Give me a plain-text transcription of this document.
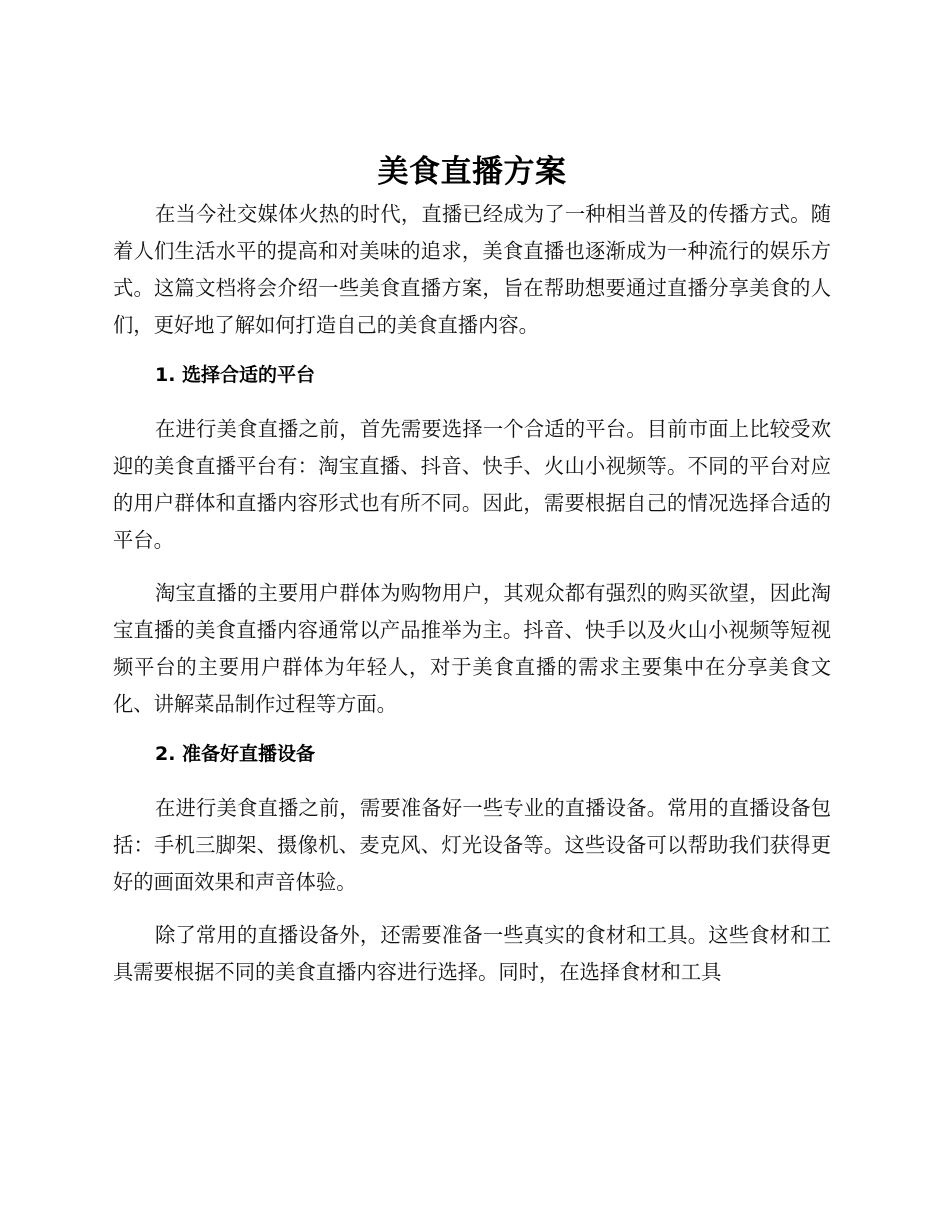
美食直播方案

在当今社交媒体火热的时代，直播已经成为了一种相当普及的传播方式。随着人们生活水平的提高和对美味的追求，美食直播也逐渐成为一种流行的娱乐方式。这篇文档将会介绍一些美食直播方案，旨在帮助想要通过直播分享美食的人们，更好地了解如何打造自己的美食直播内容。

1. 选择合适的平台

在进行美食直播之前，首先需要选择一个合适的平台。目前市面上比较受欢迎的美食直播平台有：淘宝直播、抖音、快手、火山小视频等。不同的平台对应的用户群体和直播内容形式也有所不同。因此，需要根据自己的情况选择合适的平台。

淘宝直播的主要用户群体为购物用户，其观众都有强烈的购买欲望，因此淘宝直播的美食直播内容通常以产品推举为主。抖音、快手以及火山小视频等短视频平台的主要用户群体为年轻人，对于美食直播的需求主要集中在分享美食文化、讲解菜品制作过程等方面。

2. 准备好直播设备

在进行美食直播之前，需要准备好一些专业的直播设备。常用的直播设备包括：手机三脚架、摄像机、麦克风、灯光设备等。这些设备可以帮助我们获得更好的画面效果和声音体验。

除了常用的直播设备外，还需要准备一些真实的食材和工具。这些食材和工具需要根据不同的美食直播内容进行选择。同时，在选择食材和工具
